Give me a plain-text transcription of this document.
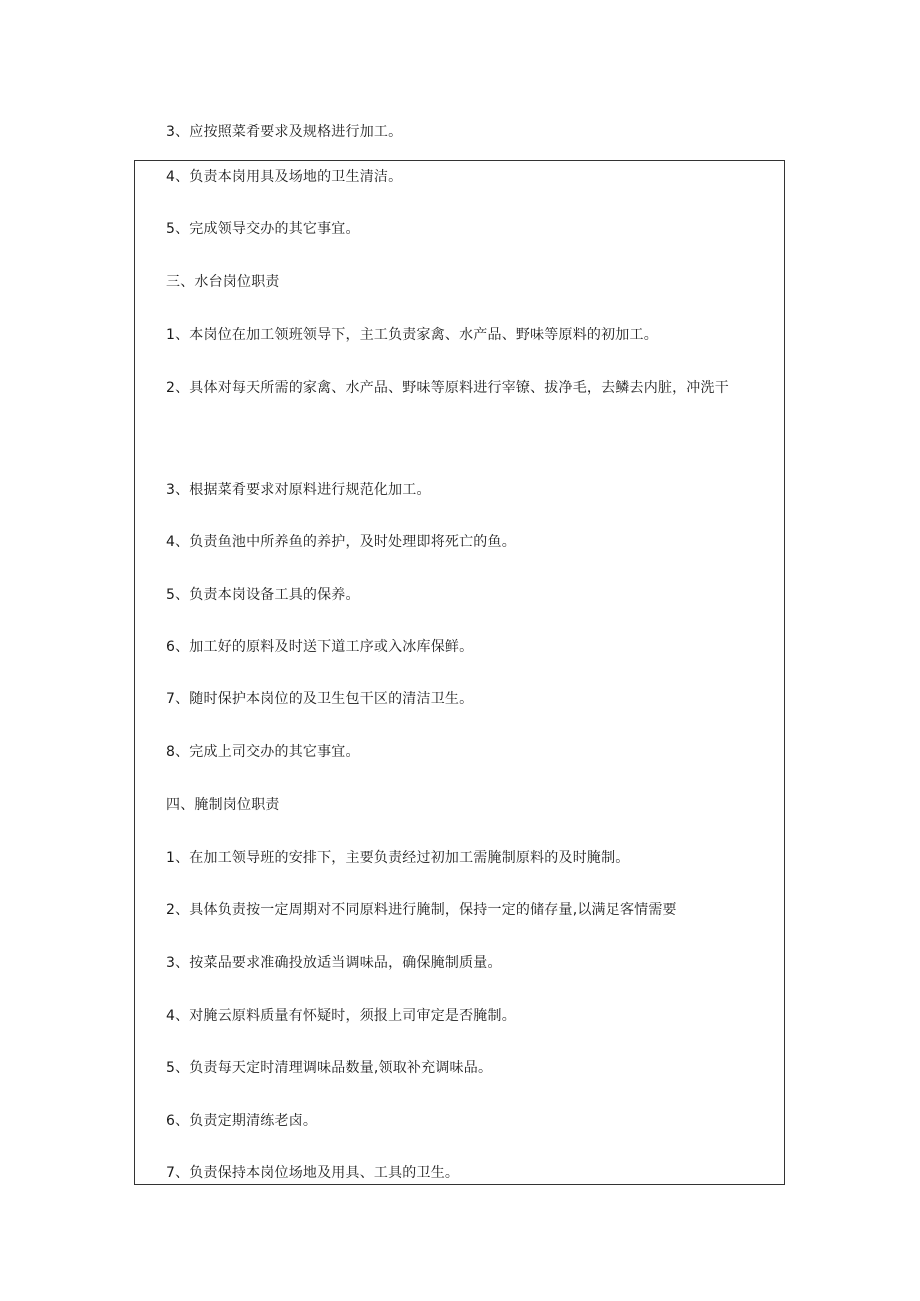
3、应按照菜肴要求及规格进行加工。
4、负责本岗用具及场地的卫生清洁。
5、完成领导交办的其它事宜。
三、水台岗位职责
1、本岗位在加工领班领导下，主工负责家禽、水产品、野味等原料的初加工。
2、具体对每天所需的家禽、水产品、野味等原料进行宰镣、拔净毛，去鳞去内脏，冲洗干
3、根据菜肴要求对原料进行规范化加工。
4、负责鱼池中所养鱼的养护，及时处理即将死亡的鱼。
5、负责本岗设备工具的保养。
6、加工好的原料及时送下道工序或入冰库保鲜。
7、随时保护本岗位的及卫生包干区的清洁卫生。
8、完成上司交办的其它事宜。
四、腌制岗位职责
1、在加工领导班的安排下，主要负责经过初加工需腌制原料的及时腌制。
2、具体负责按一定周期对不同原料进行腌制，保持一定的储存量,以满足客情需要
3、按菜品要求准确投放适当调味品，确保腌制质量。
4、对腌云原料质量有怀疑时，须报上司审定是否腌制。
5、负责每天定时清理调味品数量,领取补充调味品。
6、负责定期清练老卤。
7、负责保持本岗位场地及用具、工具的卫生。
